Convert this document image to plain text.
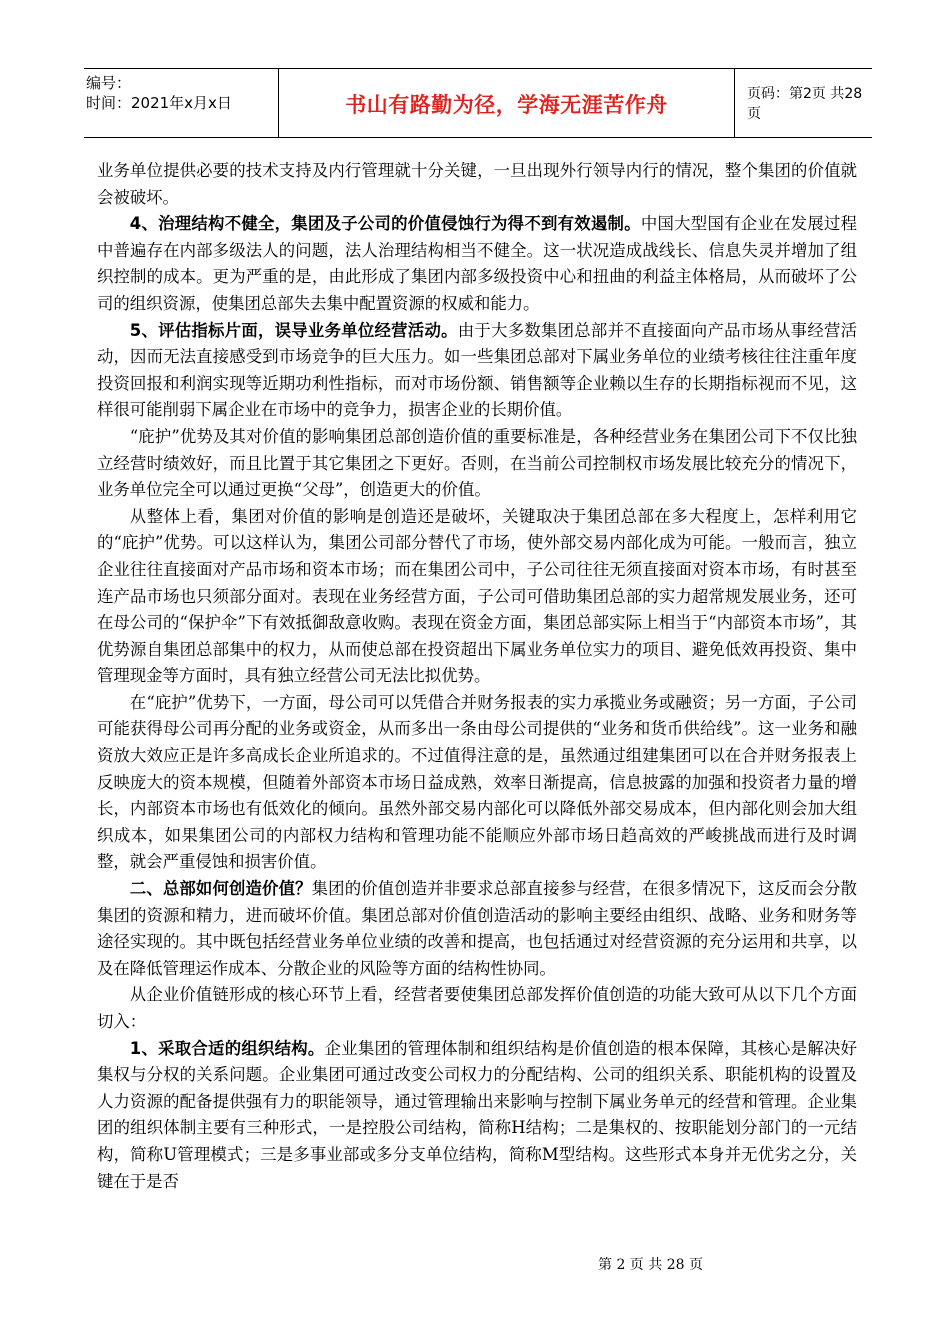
编号：
时间：2021年x月x日	书山有路勤为径，学海无涯苦作舟	页码：第2页 共28页

业务单位提供必要的技术支持及内行管理就十分关键，一旦出现外行领导内行的情况，整个集团的价值就会被破坏。

4、治理结构不健全，集团及子公司的价值侵蚀行为得不到有效遏制。中国大型国有企业在发展过程中普遍存在内部多级法人的问题，法人治理结构相当不健全。这一状况造成战线长、信息失灵并增加了组织控制的成本。更为严重的是，由此形成了集团内部多级投资中心和扭曲的利益主体格局，从而破坏了公司的组织资源，使集团总部失去集中配置资源的权威和能力。

5、评估指标片面，误导业务单位经营活动。由于大多数集团总部并不直接面向产品市场从事经营活动，因而无法直接感受到市场竞争的巨大压力。如一些集团总部对下属业务单位的业绩考核往往注重年度投资回报和利润实现等近期功利性指标，而对市场份额、销售额等企业赖以生存的长期指标视而不见，这样很可能削弱下属企业在市场中的竞争力，损害企业的长期价值。

“庇护”优势及其对价值的影响集团总部创造价值的重要标准是，各种经营业务在集团公司下不仅比独立经营时绩效好，而且比置于其它集团之下更好。否则，在当前公司控制权市场发展比较充分的情况下，业务单位完全可以通过更换“父母”，创造更大的价值。

从整体上看，集团对价值的影响是创造还是破坏，关键取决于集团总部在多大程度上，怎样利用它的“庇护”优势。可以这样认为，集团公司部分替代了市场，使外部交易内部化成为可能。一般而言，独立企业往往直接面对产品市场和资本市场；而在集团公司中，子公司往往无须直接面对资本市场，有时甚至连产品市场也只须部分面对。表现在业务经营方面，子公司可借助集团总部的实力超常规发展业务，还可在母公司的“保护伞”下有效抵御敌意收购。表现在资金方面，集团总部实际上相当于“内部资本市场”，其优势源自集团总部集中的权力，从而使总部在投资超出下属业务单位实力的项目、避免低效再投资、集中管理现金等方面时，具有独立经营公司无法比拟优势。

在“庇护”优势下，一方面，母公司可以凭借合并财务报表的实力承揽业务或融资；另一方面，子公司可能获得母公司再分配的业务或资金，从而多出一条由母公司提供的“业务和货币供给线”。这一业务和融资放大效应正是许多高成长企业所追求的。不过值得注意的是，虽然通过组建集团可以在合并财务报表上反映庞大的资本规模，但随着外部资本市场日益成熟，效率日渐提高，信息披露的加强和投资者力量的增长，内部资本市场也有低效化的倾向。虽然外部交易内部化可以降低外部交易成本，但内部化则会加大组织成本，如果集团公司的内部权力结构和管理功能不能顺应外部市场日趋高效的严峻挑战而进行及时调整，就会严重侵蚀和损害价值。

二、总部如何创造价值？集团的价值创造并非要求总部直接参与经营，在很多情况下，这反而会分散集团的资源和精力，进而破坏价值。集团总部对价值创造活动的影响主要经由组织、战略、业务和财务等途径实现的。其中既包括经营业务单位业绩的改善和提高，也包括通过对经营资源的充分运用和共享，以及在降低管理运作成本、分散企业的风险等方面的结构性协同。

从企业价值链形成的核心环节上看，经营者要使集团总部发挥价值创造的功能大致可从以下几个方面切入：

1、采取合适的组织结构。企业集团的管理体制和组织结构是价值创造的根本保障，其核心是解决好集权与分权的关系问题。企业集团可通过改变公司权力的分配结构、公司的组织关系、职能机构的设置及人力资源的配备提供强有力的职能领导，通过管理输出来影响与控制下属业务单元的经营和管理。企业集团的组织体制主要有三种形式，一是控股公司结构，简称H结构；二是集权的、按职能划分部门的一元结构，简称U管理模式；三是多事业部或多分支单位结构，简称M型结构。这些形式本身并无优劣之分，关键在于是否

第 2 页 共 28 页
